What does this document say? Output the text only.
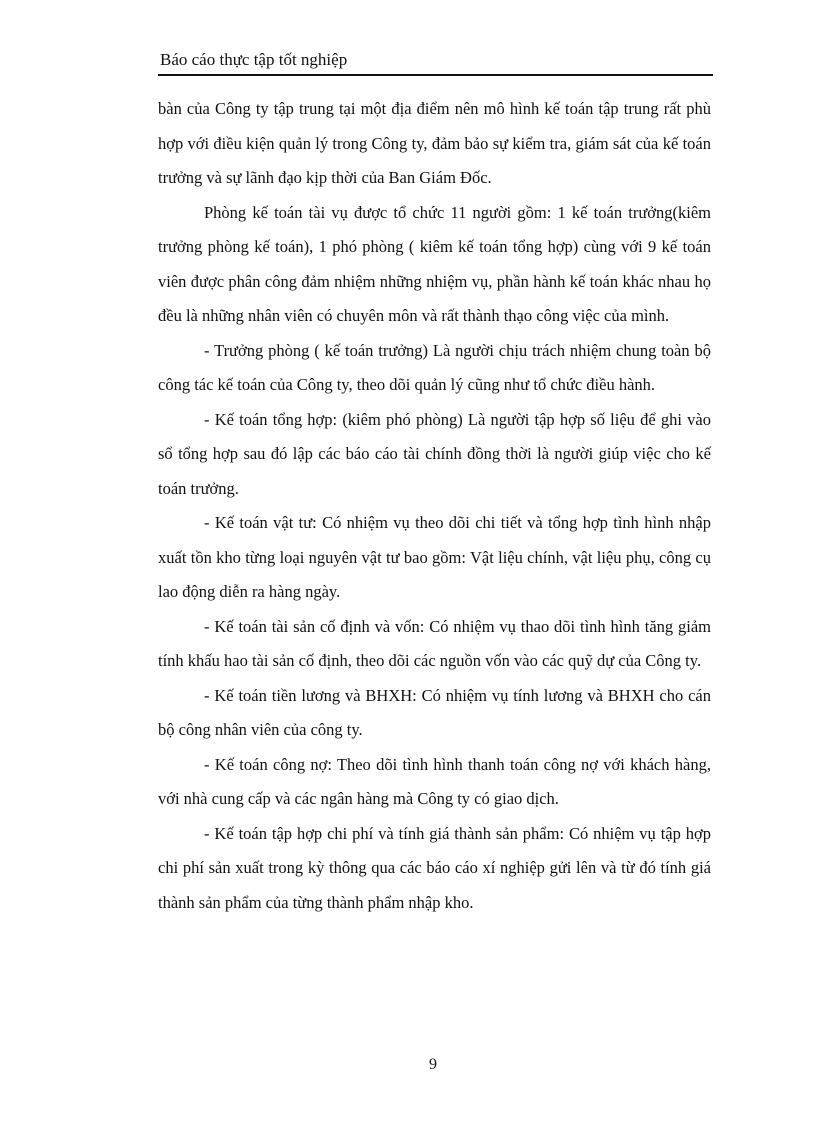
Báo cáo thực tập tốt nghiệp

bàn của Công ty tập trung tại một địa điểm nên mô hình kế toán tập trung rất phù hợp với điều kiện quản lý trong Công ty, đảm bảo sự kiểm tra, giám sát của kế toán trưởng và sự lãnh đạo kịp thời của Ban Giám Đốc.

Phòng kế toán tài vụ được tổ chức 11 người gồm: 1 kế toán trưởng(kiêm trưởng phòng kế toán), 1 phó phòng ( kiêm kế toán tổng hợp) cùng với 9 kế toán viên được phân công đảm nhiệm những nhiệm vụ, phần hành kế toán khác nhau họ đều là những nhân viên có chuyên môn và rất thành thạo công việc của mình.

- Trưởng phòng ( kế toán trưởng) Là người chịu trách nhiệm chung toàn bộ công tác kế toán của Công ty, theo dõi quản lý cũng như tổ chức điều hành.

- Kế toán tổng hợp: (kiêm phó phòng) Là người tập hợp số liệu để ghi vào sổ tổng hợp sau đó lập các báo cáo tài chính đồng thời là người giúp việc cho kế toán trưởng.

- Kế toán vật tư: Có nhiệm vụ theo dõi chi tiết và tổng hợp tình hình nhập xuất tồn kho từng loại nguyên vật tư bao gồm: Vật liệu chính, vật liệu phụ, công cụ lao động diễn ra hàng ngày.

- Kế toán tài sản cố định và vốn: Có nhiệm vụ thao dõi tình hình tăng giảm tính khấu hao tài sản cố định, theo dõi các nguồn vốn vào các quỹ dự của Công ty.

- Kế toán tiền lương và BHXH: Có nhiệm vụ tính lương và BHXH cho cán bộ công nhân viên của công ty.

- Kế toán công nợ: Theo dõi tình hình thanh toán công nợ với khách hàng, với nhà cung cấp và các ngân hàng mà Công ty có giao dịch.

- Kế toán tập hợp chi phí và tính giá thành sản phẩm: Có nhiệm vụ tập hợp chi phí sản xuất trong kỳ thông qua các báo cáo xí nghiệp gửi lên và từ đó tính giá thành sản phẩm của từng thành phẩm nhập kho.

9
